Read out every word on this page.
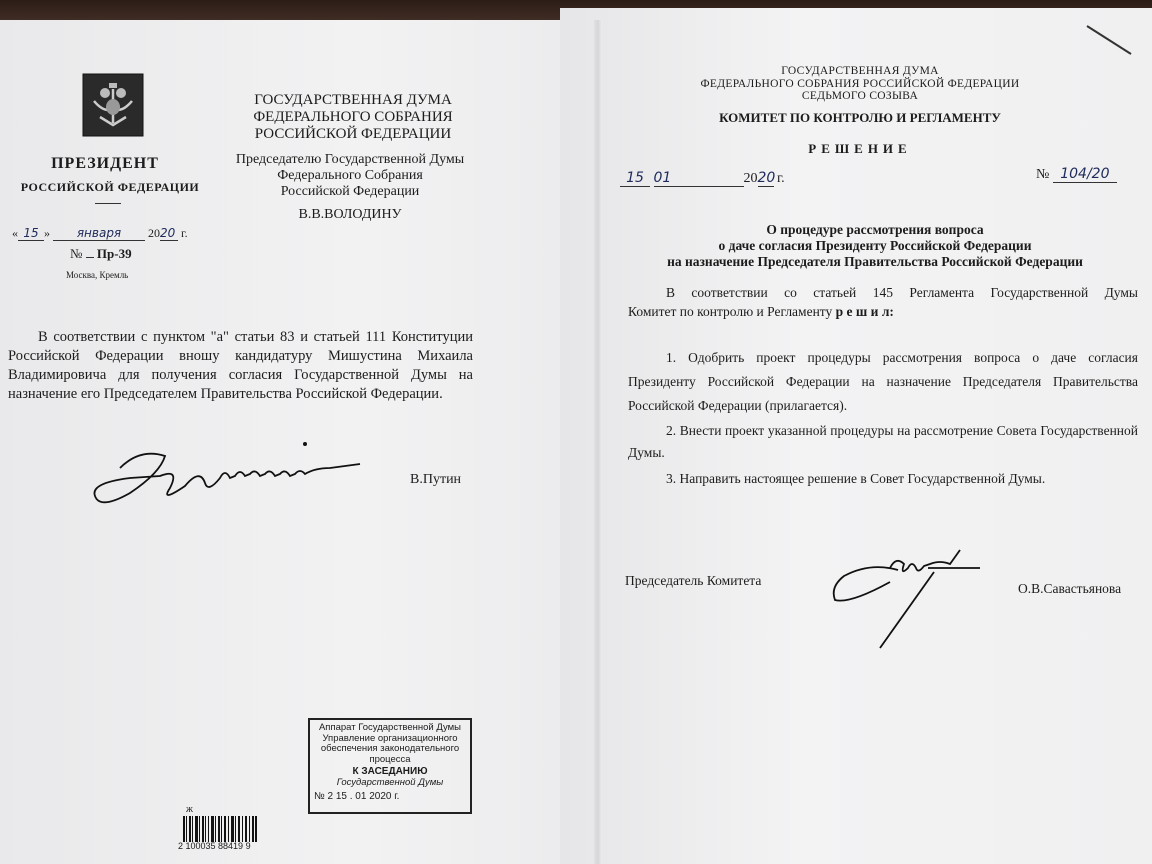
ПРЕЗИДЕНТ
РОССИЙСКОЙ ФЕДЕРАЦИИ
ГОСУДАРСТВЕННАЯ ДУМА
ФЕДЕРАЛЬНОГО СОБРАНИЯ
РОССИЙСКОЙ ФЕДЕРАЦИИ
Председателю Государственной Думы
Федерального Собрания
Российской Федерации
В.В.ВОЛОДИНУ
« 15 » января 2020 г.
№ Пр-39
Москва, Кремль
В соответствии с пунктом "а" статьи 83 и статьей 111 Конституции Российской Федерации вношу кандидатуру Мишустина Михаила Владимировича для получения согласия Государственной Думы на назначение его Председателем Правительства Российской Федерации.
В.Путин
Аппарат Государственной Думы
Управление организационного
обеспечения законодательного
процесса
К ЗАСЕДАНИЮ
Государственной Думы
№ 2 15 . 01 2020 г.
ж
2 100035 88419 9
ГОСУДАРСТВЕННАЯ ДУМА
ФЕДЕРАЛЬНОГО СОБРАНИЯ РОССИЙСКОЙ ФЕДЕРАЦИИ
СЕДЬМОГО СОЗЫВА
КОМИТЕТ ПО КОНТРОЛЮ И РЕГЛАМЕНТУ
РЕШЕНИЕ
15 01	2020 г.	№ 104/20
О процедуре рассмотрения вопроса
о даче согласия Президенту Российской Федерации
на назначение Председателя Правительства Российской Федерации
В соответствии со статьей 145 Регламента Государственной Думы
Комитет по контролю и Регламенту р е ш и л:
1. Одобрить проект процедуры рассмотрения вопроса о даче согласия Президенту Российской Федерации на назначение Председателя Правительства Российской Федерации (прилагается).
2. Внести проект указанной процедуры на рассмотрение Совета Государственной Думы.
3. Направить настоящее решение в Совет Государственной Думы.
Председатель Комитета
О.В.Савастьянова
